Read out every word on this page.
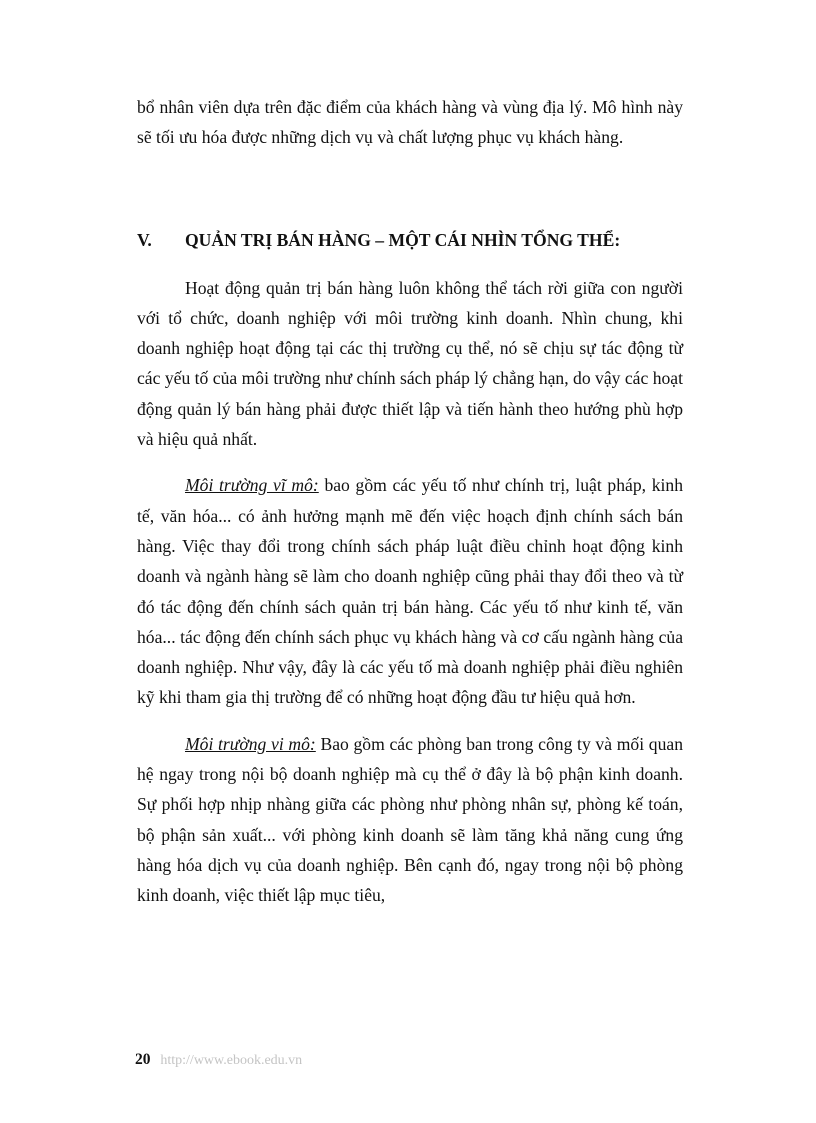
bổ nhân viên dựa trên đặc điểm của khách hàng và vùng địa lý. Mô hình này sẽ tối ưu hóa được những dịch vụ và chất lượng phục vụ khách hàng.

V.	QUẢN TRỊ BÁN HÀNG – MỘT CÁI NHÌN TỔNG THỂ:

Hoạt động quản trị bán hàng luôn không thể tách rời giữa con người với tổ chức, doanh nghiệp với môi trường kinh doanh. Nhìn chung, khi doanh nghiệp hoạt động tại các thị trường cụ thể, nó sẽ chịu sự tác động từ các yếu tố của môi trường như chính sách pháp lý chẳng hạn, do vậy các hoạt động quản lý bán hàng phải được thiết lập và tiến hành theo hướng phù hợp và hiệu quả nhất.

Môi trường vĩ mô: bao gồm các yếu tố như chính trị, luật pháp, kinh tế, văn hóa... có ảnh hưởng mạnh mẽ đến việc hoạch định chính sách bán hàng. Việc thay đổi trong chính sách pháp luật điều chỉnh hoạt động kinh doanh và ngành hàng sẽ làm cho doanh nghiệp cũng phải thay đổi theo và từ đó tác động đến chính sách quản trị bán hàng. Các yếu tố như kinh tế, văn hóa... tác động đến chính sách phục vụ khách hàng và cơ cấu ngành hàng của doanh nghiệp. Như vậy, đây là các yếu tố mà doanh nghiệp phải điều nghiên kỹ khi tham gia thị trường để có những hoạt động đầu tư hiệu quả hơn.

Môi trường vi mô: Bao gồm các phòng ban trong công ty và mối quan hệ ngay trong nội bộ doanh nghiệp mà cụ thể ở đây là bộ phận kinh doanh. Sự phối hợp nhịp nhàng giữa các phòng như phòng nhân sự, phòng kế toán, bộ phận sản xuất... với phòng kinh doanh sẽ làm tăng khả năng cung ứng hàng hóa dịch vụ của doanh nghiệp. Bên cạnh đó, ngay trong nội bộ phòng kinh doanh, việc thiết lập mục tiêu,

20 http://www.ebook.edu.vn
